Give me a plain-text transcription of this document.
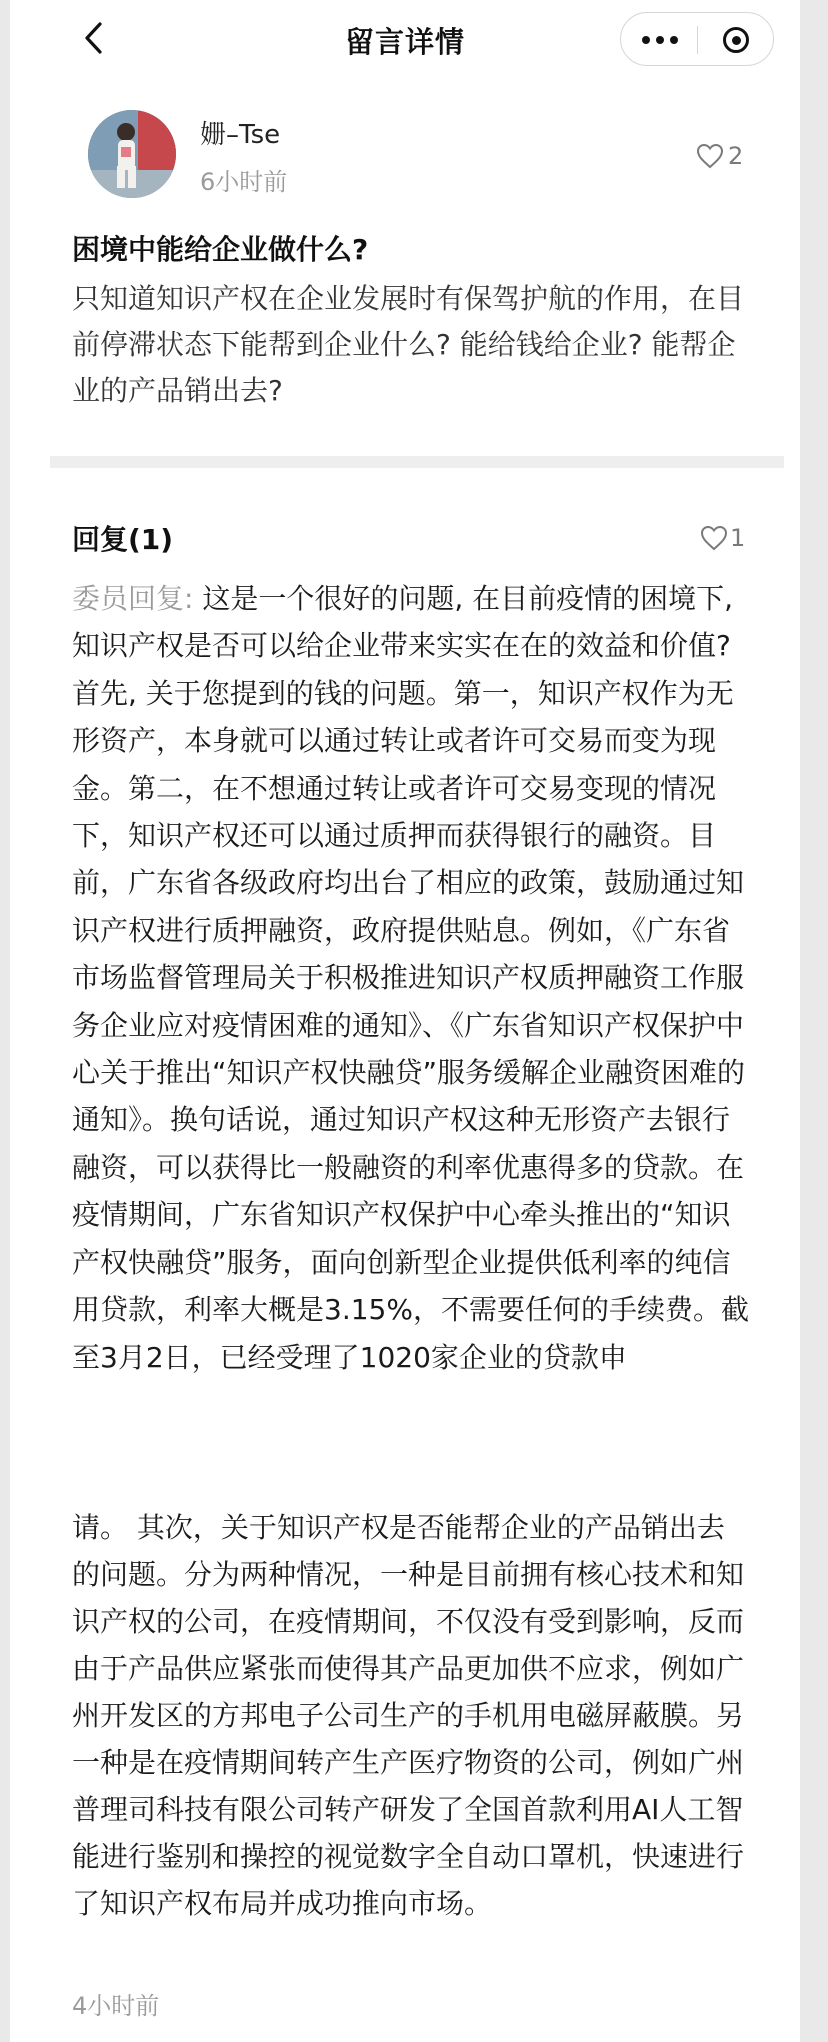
留言详情
姗–Tse
6小时前
2
困境中能给企业做什么?
只知道知识产权在企业发展时有保驾护航的作用，在目前停滞状态下能帮到企业什么? 能给钱给企业? 能帮企业的产品销出去?
回复(1)	1

委员回复: 这是一个很好的问题, 在目前疫情的困境下, 知识产权是否可以给企业带来实实在在的效益和价值? 首先, 关于您提到的钱的问题。第一，知识产权作为无形资产，本身就可以通过转让或者许可交易而变为现金。第二，在不想通过转让或者许可交易变现的情况下，知识产权还可以通过质押而获得银行的融资。目前，广东省各级政府均出台了相应的政策，鼓励通过知识产权进行质押融资，政府提供贴息。例如，《广东省市场监督管理局关于积极推进知识产权质押融资工作服务企业应对疫情困难的通知》、《广东省知识产权保护中心关于推出“知识产权快融贷”服务缓解企业融资困难的通知》。换句话说，通过知识产权这种无形资产去银行融资，可以获得比一般融资的利率优惠得多的贷款。在疫情期间，广东省知识产权保护中心牵头推出的“知识产权快融贷”服务，面向创新型企业提供低利率的纯信用贷款，利率大概是3.15%，不需要任何的手续费。截至3月2日，已经受理了1020家企业的贷款申

请。 其次，关于知识产权是否能帮企业的产品销出去的问题。分为两种情况，一种是目前拥有核心技术和知识产权的公司，在疫情期间，不仅没有受到影响，反而由于产品供应紧张而使得其产品更加供不应求，例如广州开发区的方邦电子公司生产的手机用电磁屏蔽膜。另一种是在疫情期间转产生产医疗物资的公司，例如广州普理司科技有限公司转产研发了全国首款利用AI人工智能进行鉴别和操控的视觉数字全自动口罩机，快速进行了知识产权布局并成功推向市场。

4小时前
